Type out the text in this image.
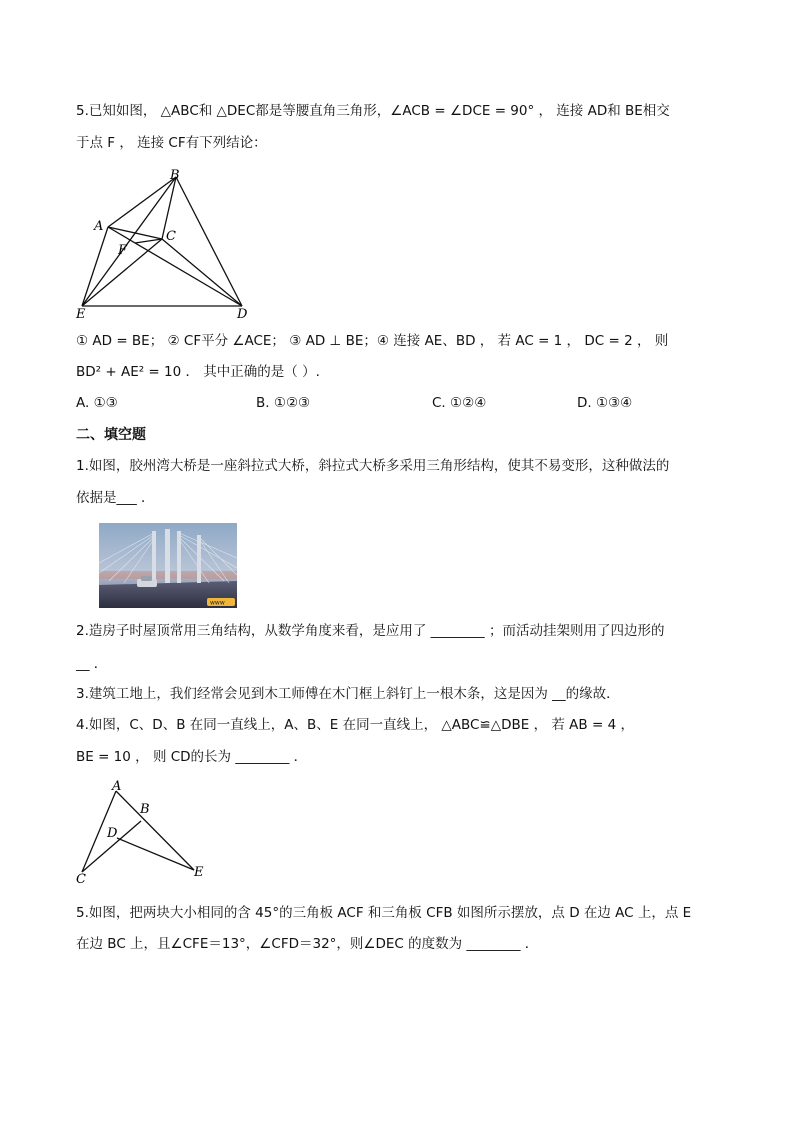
5.已知如图， △ABC和 △DEC都是等腰直角三角形，∠ACB = ∠DCE = 90° ， 连接 AD和 BE相交
于点 F ， 连接 CF有下列结论：
B
A
C
F
E	D
① AD = BE； ② CF平分 ∠ACE； ③ AD ⊥ BE；④ 连接 AE、BD ， 若 AC = 1 ， DC = 2 ， 则
BD² + AE² = 10 ． 其中正确的是（ ）.
A. ①③	B. ①②③	C. ①②④	D. ①③④
二、填空题
1.如图，胶州湾大桥是一座斜拉式大桥，斜拉式大桥多采用三角形结构，使其不易变形，这种做法的
依据是___ ．
www
2.造房子时屋顶常用三角结构，从数学角度来看，是应用了 ________ ；而活动挂架则用了四边形的
__ ．
3.建筑工地上，我们经常会见到木工师傅在木门框上斜钉上一根木条，这是因为 __的缘故．
4.如图，C、D、B 在同一直线上，A、B、E 在同一直线上， △ABC≌△DBE ， 若 AB = 4 ，
BE = 10 ， 则 CD的长为 ________ ．
A
B
D
C	E
5.如图，把两块大小相同的含 45°的三角板 ACF 和三角板 CFB 如图所示摆放，点 D 在边 AC 上，点 E
在边 BC 上，且∠CFE＝13°，∠CFD＝32°，则∠DEC 的度数为 ________ ．
